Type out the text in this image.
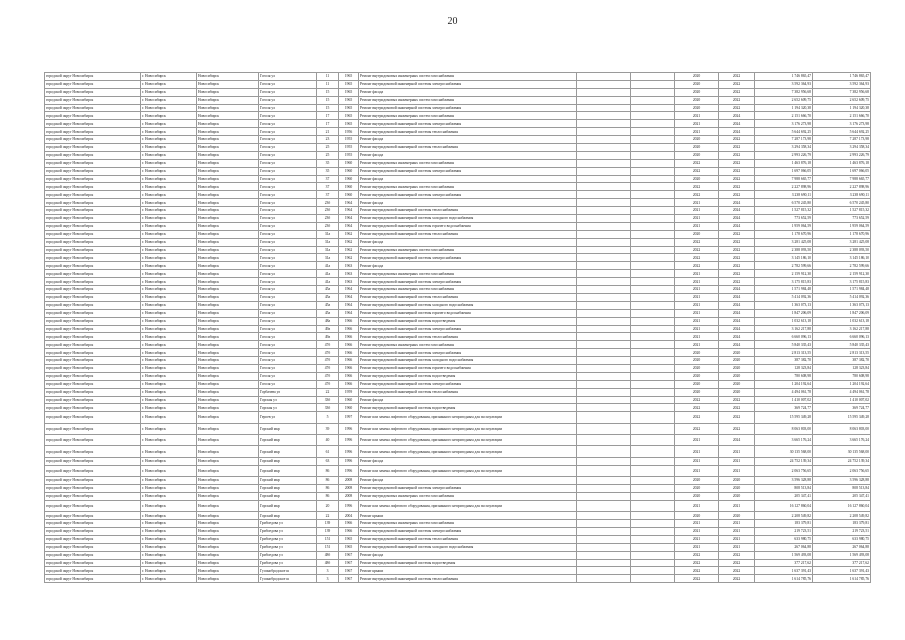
20
городской округ Новосибирск	г. Новосибирск	Новосибирск	Гоголя ул	11	1965	Ремонт внутридомовых инженерных систем газоснабжения			2020	2022	1 746 865,47	1 746 865,47
городской округ Новосибирск	г. Новосибирск	Новосибирск	Гоголя ул	11	1965	Ремонт внутридомовой инженерной системы электроснабжения			2020	2022	3 592 364,93	3 592 364,93
городской округ Новосибирск	г. Новосибирск	Новосибирск	Гоголя ул	15	1965	Ремонт фасада			2020	2022	7 382 956,68	7 382 956,68
городской округ Новосибирск	г. Новосибирск	Новосибирск	Гоголя ул	15	1965	Ремонт внутридомовых инженерных систем газоснабжения			2020	2022	2 652 609,75	2 652 609,75
городской округ Новосибирск	г. Новосибирск	Новосибирск	Гоголя ул	15	1965	Ремонт внутридомовой инженерной системы электроснабжения			2020	2022	1 194 320,38	1 194 320,38
городской округ Новосибирск	г. Новосибирск	Новосибирск	Гоголя ул	17	1965	Ремонт внутридомовых инженерных систем газоснабжения			2021	2024	2 151 666,70	2 151 666,70
городской округ Новосибирск	г. Новосибирск	Новосибирск	Гоголя ул	17	1965	Ремонт внутридомовой инженерной системы электроснабжения			2021	2024	3 176 273,98	3 176 273,98
городской округ Новосибирск	г. Новосибирск	Новосибирск	Гоголя ул	21	1956	Ремонт внутридомовой инженерной системы теплоснабжения			2021	2024	5 644 692,25	5 644 692,25
городской округ Новосибирск	г. Новосибирск	Новосибирск	Гоголя ул	23	1955	Ремонт фасада			2020	2022	7 287 173,98	7 287 173,98
городской округ Новосибирск	г. Новосибирск	Новосибирск	Гоголя ул	25	1955	Ремонт внутридомовой инженерной системы теплоснабжения			2020	2022	3 294 358,34	3 294 358,34
городской округ Новосибирск	г. Новосибирск	Новосибирск	Гоголя ул	25	1955	Ремонт фасада			2020	2022	2 993 226,79	2 993 226,79
городской округ Новосибирск	г. Новосибирск	Новосибирск	Гоголя ул	35	1960	Ремонт внутридомовых инженерных систем газоснабжения			2022	2022	1 463 876,18	1 463 876,18
городской округ Новосибирск	г. Новосибирск	Новосибирск	Гоголя ул	35	1960	Ремонт внутридомовой инженерной системы электроснабжения			2022	2022	1 697 066,05	1 697 066,05
городской округ Новосибирск	г. Новосибирск	Новосибирск	Гоголя ул	37	1960	Ремонт фасада			2020	2022	7 988 665,77	7 988 665,77
городской округ Новосибирск	г. Новосибирск	Новосибирск	Гоголя ул	37	1960	Ремонт внутридомовых инженерных систем газоснабжения			2022	2022	2 227 898,96	2 227 898,96
городской округ Новосибирск	г. Новосибирск	Новосибирск	Гоголя ул	37	1960	Ремонт внутридомовой инженерной системы электроснабжения			2022	2022	3 238 690,11	3 238 690,11
городской округ Новосибирск	г. Новосибирск	Новосибирск	Гоголя ул	23б	1964	Ремонт фасада			2021	2024	6 570 245,80	6 570 245,80
городской округ Новосибирск	г. Новосибирск	Новосибирск	Гоголя ул	23б	1964	Ремонт внутридомовой инженерной системы теплоснабжения			2021	2024	1 527 815,32	1 527 815,32
городской округ Новосибирск	г. Новосибирск	Новосибирск	Гоголя ул	23б	1964	Ремонт внутридомовой инженерной системы холодного водоснабжения			2021	2024	773 652,59	773 652,59
городской округ Новосибирск	г. Новосибирск	Новосибирск	Гоголя ул	23б	1964	Ремонт внутридомовой инженерной системы горячего водоснабжения			2021	2024	1 959 064,59	1 959 064,59
городской округ Новосибирск	г. Новосибирск	Новосибирск	Гоголя ул	31а	1962	Ремонт внутридомовой инженерной системы теплоснабжения			2020	2022	1 178 670,96	1 178 670,96
городской округ Новосибирск	г. Новосибирск	Новосибирск	Гоголя ул	31а	1962	Ремонт фасада			2022	2022	3 281 425,08	3 281 425,08
городской округ Новосибирск	г. Новосибирск	Новосибирск	Гоголя ул	31а	1962	Ремонт внутридомовых инженерных систем газоснабжения			2022	2022	2 388 093,50	2 388 093,50
городской округ Новосибирск	г. Новосибирск	Новосибирск	Гоголя ул	31а	1962	Ремонт внутридомовой инженерной системы электроснабжения			2022	2022	3 145 186,10	3 145 186,10
городской округ Новосибирск	г. Новосибирск	Новосибирск	Гоголя ул	41а	1963	Ремонт фасада			2022	2022	2 782 599,66	2 782 599,66
городской округ Новосибирск	г. Новосибирск	Новосибирск	Гоголя ул	41а	1963	Ремонт внутридомовых инженерных систем газоснабжения			2021	2022	2 159 912,30	2 159 912,30
городской округ Новосибирск	г. Новосибирск	Новосибирск	Гоголя ул	41а	1963	Ремонт внутридомовой инженерной системы электроснабжения			2021	2022	3 175 815,83	3 175 815,83
городской округ Новосибирск	г. Новосибирск	Новосибирск	Гоголя ул	45а	1964	Ремонт внутридомовых инженерных систем газоснабжения			2021	2024	1 571 984,48	1 571 984,48
городской округ Новосибирск	г. Новосибирск	Новосибирск	Гоголя ул	45а	1964	Ремонт внутридомовой инженерной системы теплоснабжения			2021	2024	5 414 092,36	5 414 092,36
городской округ Новосибирск	г. Новосибирск	Новосибирск	Гоголя ул	45а	1964	Ремонт внутридомовой инженерной системы холодного водоснабжения			2021	2024	1 363 073,13	1 363 073,13
городской округ Новосибирск	г. Новосибирск	Новосибирск	Гоголя ул	45а	1964	Ремонт внутридомовой инженерной системы горячего водоснабжения			2021	2024	1 847 206,09	1 847 206,09
городской округ Новосибирск	г. Новосибирск	Новосибирск	Гоголя ул	48а	1966	Ремонт внутридомовой инженерной системы водоотведения			2021	2024	1 032 613,18	1 032 613,18
городской округ Новосибирск	г. Новосибирск	Новосибирск	Гоголя ул	49а	1966	Ремонт внутридомовой инженерной системы электроснабжения			2021	2024	3 162 217,88	3 162 217,88
городской округ Новосибирск	г. Новосибирск	Новосибирск	Гоголя ул	49а	1966	Ремонт внутридомовой инженерной системы теплоснабжения			2021	2024	6 660 096,13	6 660 096,13
городской округ Новосибирск	г. Новосибирск	Новосибирск	Гоголя ул	47б	1966	Ремонт внутридомовых инженерных систем газоснабжения			2021	2024	5 840 335,43	5 840 335,43
городской округ Новосибирск	г. Новосибирск	Новосибирск	Гоголя ул	47б	1966	Ремонт внутридомовой инженерной системы электроснабжения			2020	2020	2 813 313,55	2 813 313,55
городской округ Новосибирск	г. Новосибирск	Новосибирск	Гоголя ул	47б	1966	Ремонт внутридомовой инженерной системы холодного водоснабжения			2020	2020	387 382,70	387 382,70
городской округ Новосибирск	г. Новосибирск	Новосибирск	Гоголя ул	47б	1966	Ремонт внутридомовой инженерной системы горячего водоснабжения			2020	2020	128 323,84	128 323,84
городской округ Новосибирск	г. Новосибирск	Новосибирск	Гоголя ул	47б	1966	Ремонт внутридомовой инженерной системы водоотведения			2020	2020	780 608,98	780 608,98
городской округ Новосибирск	г. Новосибирск	Новосибирск	Гоголя ул	47б	1966	Ремонт внутридомовой инженерной системы электроснабжения			2020	2020	1 204 192,64	1 204 192,64
городской округ Новосибирск	г. Новосибирск	Новосибирск	Горбачева ул	22	1959	Ремонт внутридомовой инженерной системы теплоснабжения			2020	2020	4 494 061,78	4 494 061,78
городской округ Новосибирск	г. Новосибирск	Новосибирск	Горская ул	33б	1960	Ремонт фасада			2022	2022	1 410 007,02	1 410 007,02
городской округ Новосибирск	г. Новосибирск	Новосибирск	Горская ул	33б	1960	Ремонт внутридомовой инженерной системы водоотведения			2022	2022	369 724,77	369 724,77
городской округ Новосибирск	г. Новосибирск	Новосибирск	Героев ул	5	1997	Ремонт или замена лифтового оборудования, признанного непригодным для эксплуатации			2022	2022	15 595 349,28	15 595 349,28
городской округ Новосибирск	г. Новосибирск	Новосибирск	Горский мкр	39	1996	Ремонт или замена лифтового оборудования, признанного непригодным для эксплуатации			2022	2022	8 063 803,00	8 063 803,00
городской округ Новосибирск	г. Новосибирск	Новосибирск	Горский мкр	40	1996	Ремонт или замена лифтового оборудования, признанного непригодным для эксплуатации			2021	2024	3 665 176,24	3 665 176,24
городской округ Новосибирск	г. Новосибирск	Новосибирск	Горский мкр	61	1996	Ремонт или замена лифтового оборудования, признанного непригодным для эксплуатации			2021	2021	30 135 568,00	30 135 568,00
городской округ Новосибирск	г. Новосибирск	Новосибирск	Горский мкр	63	1996	Ремонт фасада			2021	2021	24 752 139,34	24 752 139,34
городской округ Новосибирск	г. Новосибирск	Новосибирск	Горский мкр	86	1996	Ремонт или замена лифтового оборудования, признанного непригодным для эксплуатации			2021	2021	2 063 756,65	2 063 756,65
городской округ Новосибирск	г. Новосибирск	Новосибирск	Горский мкр	86	2008	Ремонт фасада			2020	2020	3 596 328,88	3 596 328,88
городской округ Новосибирск	г. Новосибирск	Новосибирск	Горский мкр	86	2008	Ремонт внутридомовой инженерной системы электроснабжения			2020	2020	808 513,84	808 513,84
городской округ Новосибирск	г. Новосибирск	Новосибирск	Горский мкр	86	2008	Ремонт внутридомовых инженерных систем газоснабжения			2020	2020	205 347,41	205 347,41
городской округ Новосибирск	г. Новосибирск	Новосибирск	Горский мкр	20	1996	Ремонт или замена лифтового оборудования, признанного непригодным для эксплуатации			2021	2021	16 127 860,04	16 127 860,04
городской округ Новосибирск	г. Новосибирск	Новосибирск	Горский мкр	22	2004	Ремонт крыши			2020	2020	2 208 549,82	2 208 549,82
городской округ Новосибирск	г. Новосибирск	Новосибирск	Грибоедова ул	139	1966	Ремонт внутридомовых инженерных систем газоснабжения			2021	2021	183 379,81	183 379,81
городской округ Новосибирск	г. Новосибирск	Новосибирск	Грибоедова ул	139	1966	Ремонт внутридомовой инженерной системы электроснабжения			2021	2021	219 723,51	219 723,51
городской округ Новосибирск	г. Новосибирск	Новосибирск	Грибоедова ул	151	1965	Ремонт внутридомовой инженерной системы теплоснабжения			2021	2021	633 980,75	633 980,75
городской округ Новосибирск	г. Новосибирск	Новосибирск	Грибоедова ул	151	1965	Ремонт внутридомовой инженерной системы холодного водоснабжения			2021	2021	267 064,88	267 064,88
городской округ Новосибирск	г. Новосибирск	Новосибирск	Грибоедова ул	48б	1967	Ремонт фасада			2022	2022	1 569 493,08	1 569 493,08
городской округ Новосибирск	г. Новосибирск	Новосибирск	Грибоедова ул	48б	1967	Ремонт внутридомовой инженерной системы водоотведения			2022	2022	377 217,62	377 217,62
городской округ Новосибирск	г. Новосибирск	Новосибирск	Гусинобродское ш	3	1967	Ремонт крыши			2022	2022	1 637 391,43	1 637 391,43
городской округ Новосибирск	г. Новосибирск	Новосибирск	Гусинобродское ш	3	1967	Ремонт внутридомовой инженерной системы теплоснабжения			2022	2022	1 614 785,76	1 614 785,76
